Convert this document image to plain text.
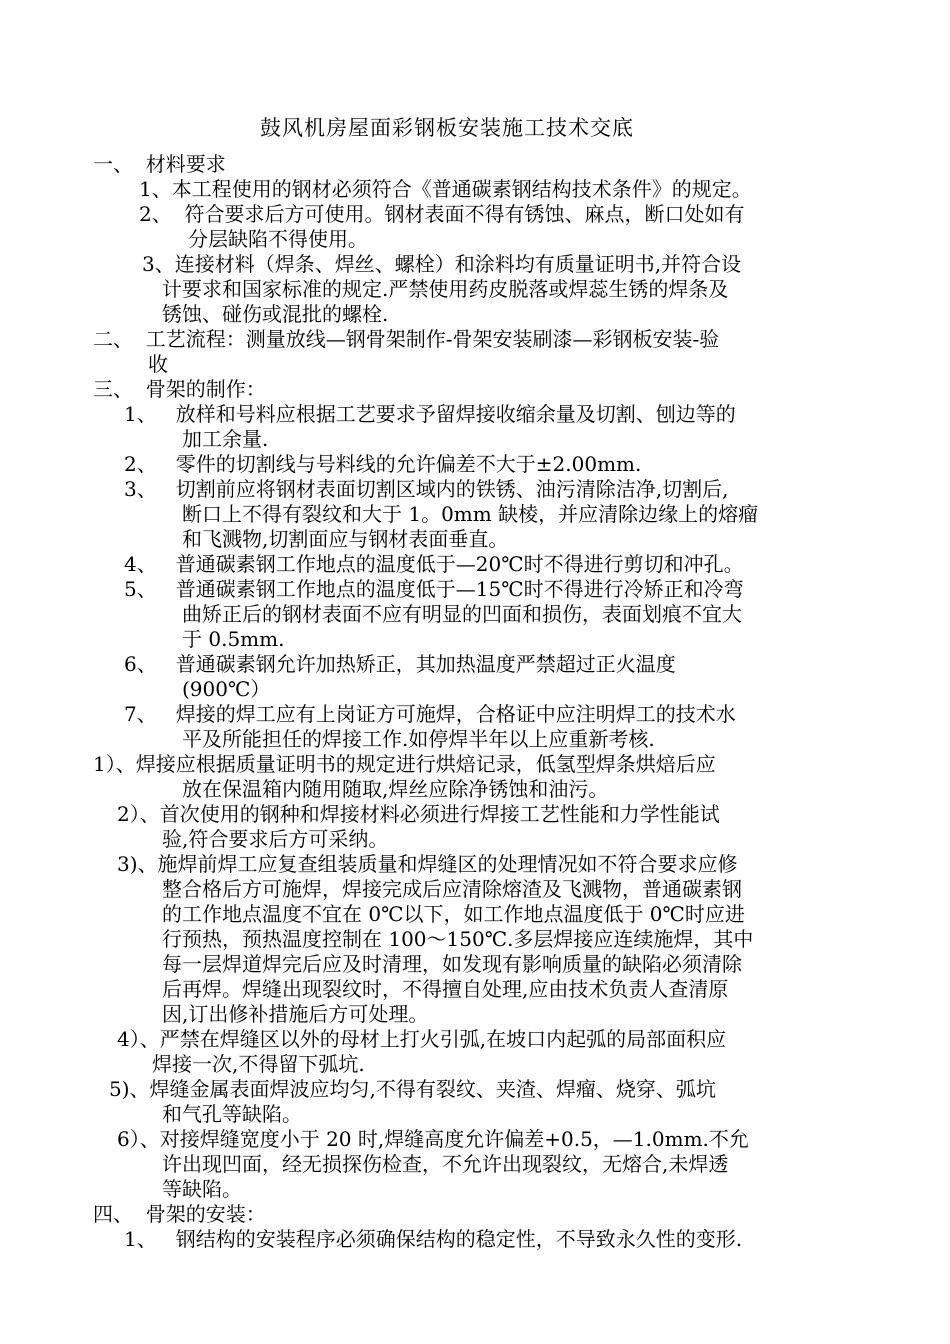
鼓风机房屋面彩钢板安装施工技术交底
一、  材料要求
1、本工程使用的钢材必须符合《普通碳素钢结构技术条件》的规定。
2、  符合要求后方可使用。钢材表面不得有锈蚀、麻点，断口处如有
分层缺陷不得使用。
3、连接材料（焊条、焊丝、螺栓）和涂料均有质量证明书,并符合设
计要求和国家标准的规定.严禁使用药皮脱落或焊蕊生锈的焊条及
锈蚀、碰伤或混批的螺栓.
二、  工艺流程：测量放线—钢骨架制作-骨架安装刷漆—彩钢板安装-验
收
三、  骨架的制作：
1、   放样和号料应根据工艺要求予留焊接收缩余量及切割、刨边等的
加工余量.
2、   零件的切割线与号料线的允许偏差不大于±2.00mm.
3、   切割前应将钢材表面切割区域内的铁锈、油污清除洁净,切割后,
断口上不得有裂纹和大于 1。0mm 缺棱，并应清除边缘上的熔瘤
和飞溅物,切割面应与钢材表面垂直。
4、   普通碳素钢工作地点的温度低于—20℃时不得进行剪切和冲孔。
5、   普通碳素钢工作地点的温度低于—15℃时不得进行冷矫正和冷弯
曲矫正后的钢材表面不应有明显的凹面和损伤，表面划痕不宜大
于 0.5mm.
6、   普通碳素钢允许加热矫正，其加热温度严禁超过正火温度
(900℃）
7、   焊接的焊工应有上岗证方可施焊，合格证中应注明焊工的技术水
平及所能担任的焊接工作.如停焊半年以上应重新考核.
1）、焊接应根据质量证明书的规定进行烘焙记录，低氢型焊条烘焙后应
放在保温箱内随用随取,焊丝应除净锈蚀和油污。
2）、首次使用的钢种和焊接材料必须进行焊接工艺性能和力学性能试
验,符合要求后方可采纳。
3)、施焊前焊工应复查组装质量和焊缝区的处理情况如不符合要求应修
整合格后方可施焊，焊接完成后应清除熔渣及飞溅物，普通碳素钢
的工作地点温度不宜在 0℃以下，如工作地点温度低于 0℃时应进
行预热，预热温度控制在 100～150℃.多层焊接应连续施焊，其中
每一层焊道焊完后应及时清理，如发现有影响质量的缺陷必须清除
后再焊。焊缝出现裂纹时，不得擅自处理,应由技术负责人查清原
因,订出修补措施后方可处理。
4）、严禁在焊缝区以外的母材上打火引弧,在坡口内起弧的局部面积应
焊接一次,不得留下弧坑.
5)、焊缝金属表面焊波应均匀,不得有裂纹、夹渣、焊瘤、烧穿、弧坑
和气孔等缺陷。
6）、对接焊缝宽度小于 20 时,焊缝高度允许偏差+0.5，—1.0mm.不允
许出现凹面，经无损探伤检查，不允许出现裂纹，无熔合,未焊透
等缺陷。
四、  骨架的安装：
1、   钢结构的安装程序必须确保结构的稳定性，不导致永久性的变形.
